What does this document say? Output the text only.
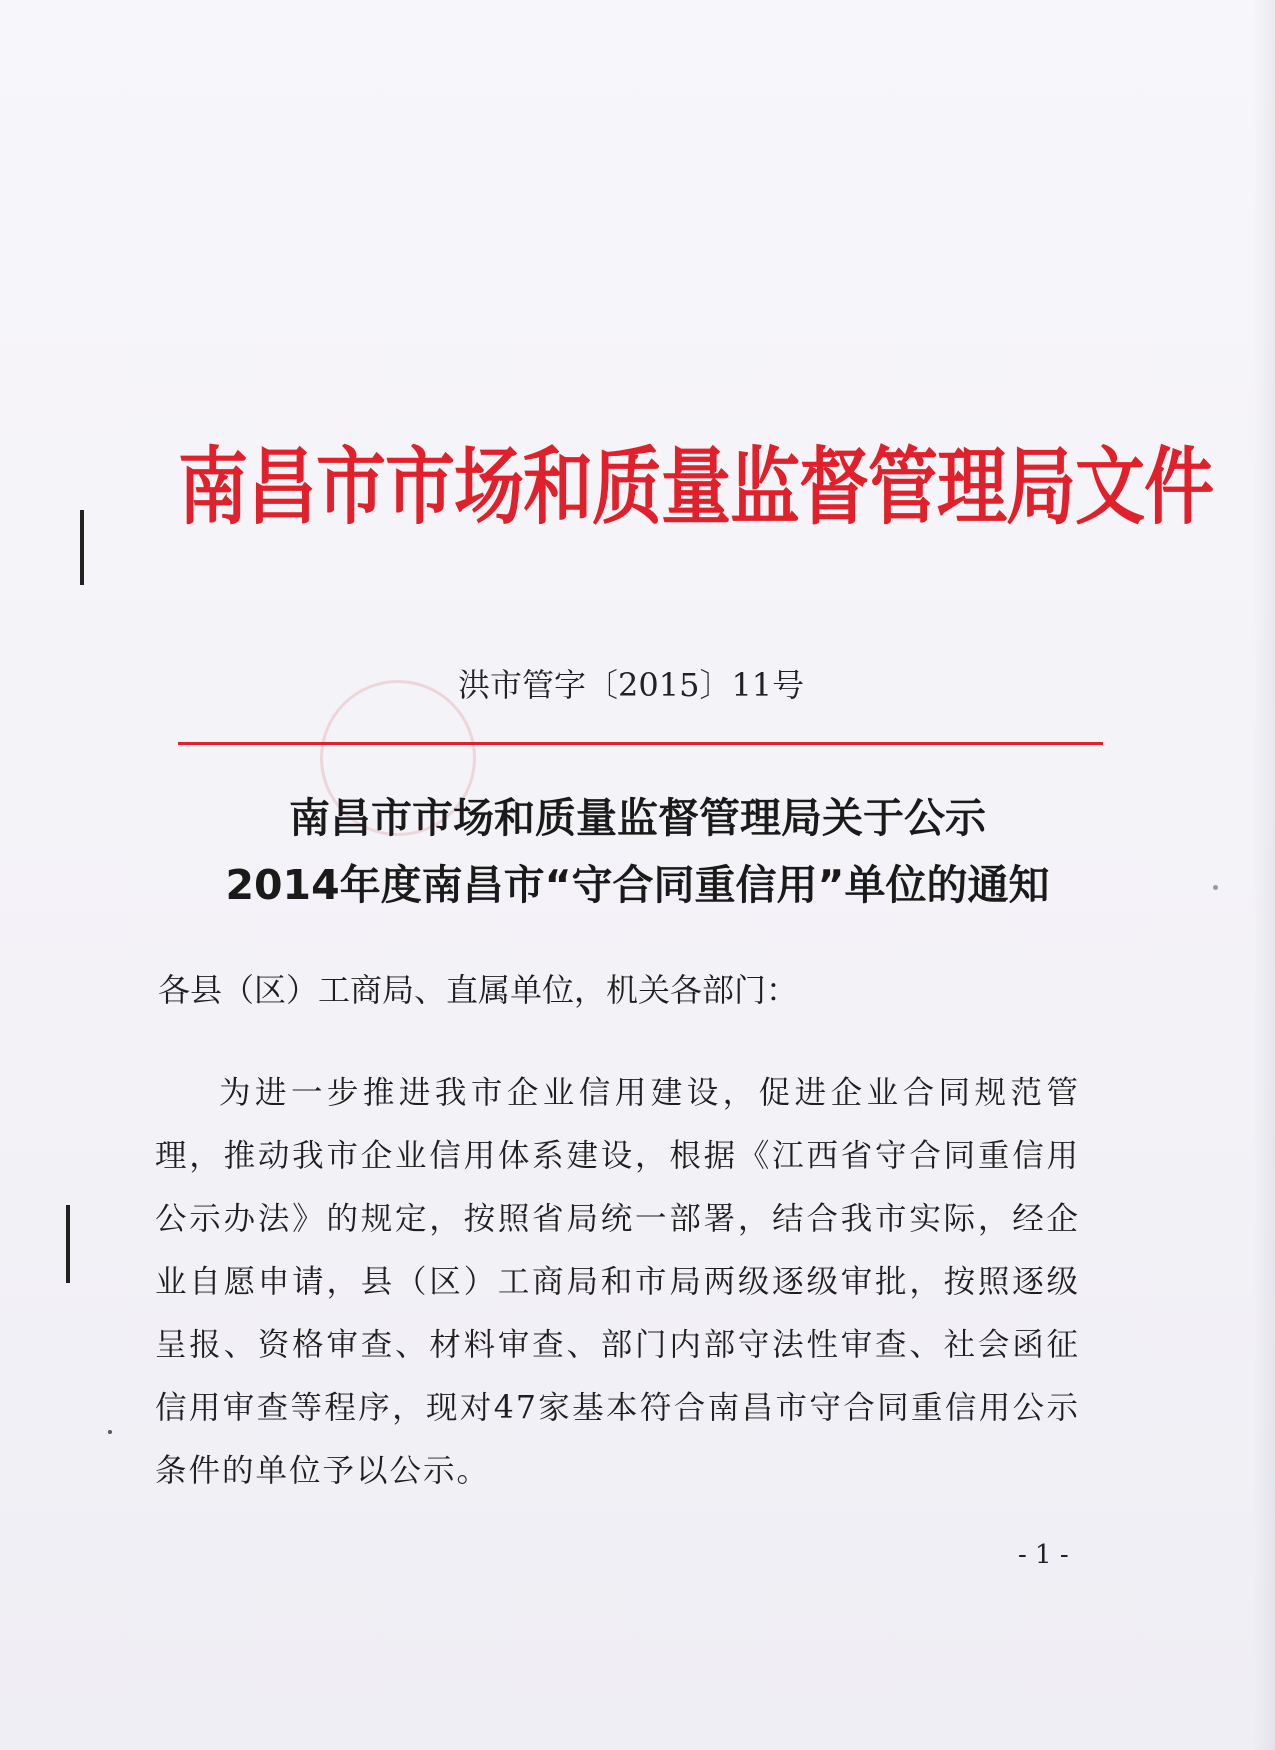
南昌市市场和质量监督管理局文件
洪市管字〔2015〕11号
南昌市市场和质量监督管理局关于公示
2014年度南昌市“守合同重信用”单位的通知
各县（区）工商局、直属单位，机关各部门：

为进一步推进我市企业信用建设，促进企业合同规范管理，推动我市企业信用体系建设，根据《江西省守合同重信用公示办法》的规定，按照省局统一部署，结合我市实际，经企业自愿申请，县（区）工商局和市局两级逐级审批，按照逐级呈报、资格审查、材料审查、部门内部守法性审查、社会函征信用审查等程序，现对47家基本符合南昌市守合同重信用公示条件的单位予以公示。

- 1 -
